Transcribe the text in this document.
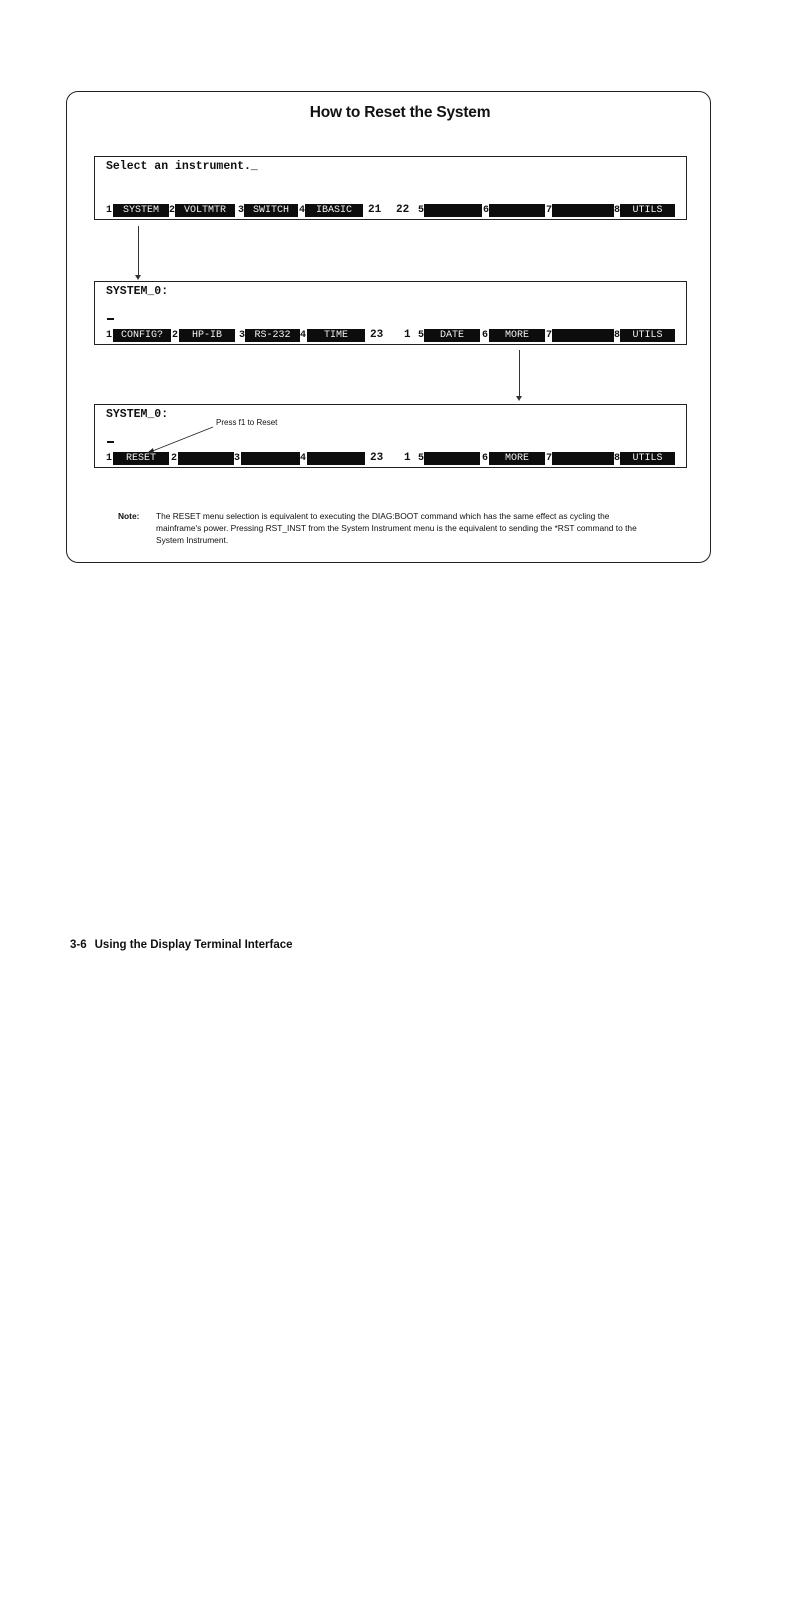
How to Reset the System
Select an instrument._
1	SYSTEM	2 VOLTMTR	3 SWITCH	4	IBASIC	21 22 5	6	7	8	UTILS
SYSTEM_0:
1 CONFIG? 2	HP-IB	3 RS-232 4	TIME	23 1 5	DATE	6	MORE	7	8	UTILS
SYSTEM_0:
1	RESET	2	3	4	23 1 5	6	MORE	7	8	UTILS
Press f1 to Reset
Note: The RESET menu selection is equivalent to executing the DIAG:BOOT command which has the same effect as cycling the mainframe's power. Pressing RST_INST from the System Instrument menu is the equivalent to sending the *RST command to the System Instrument.
3-6 Using the Display Terminal Interface
